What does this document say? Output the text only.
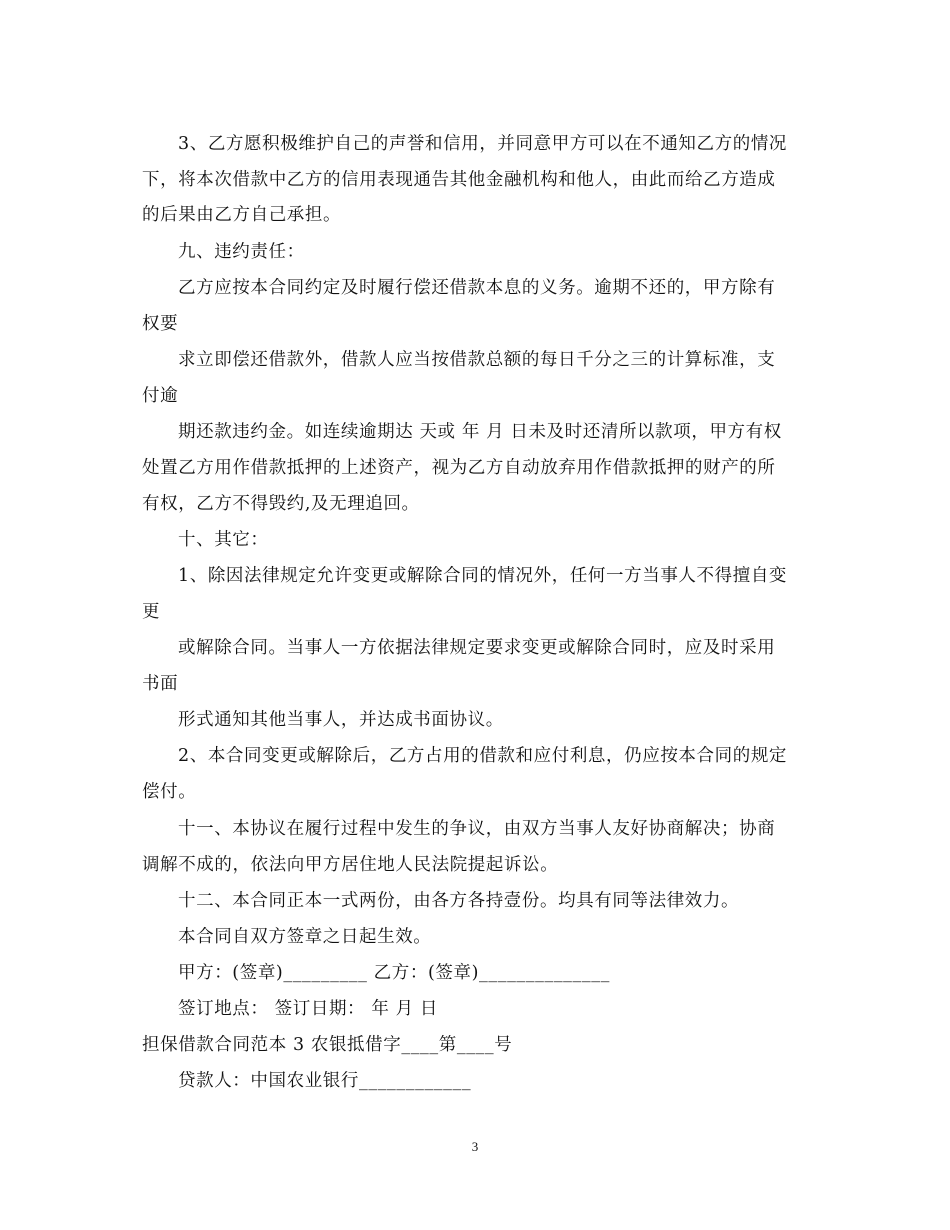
3、乙方愿积极维护自己的声誉和信用，并同意甲方可以在不通知乙方的情况
下，将本次借款中乙方的信用表现通告其他金融机构和他人，由此而给乙方造成
的后果由乙方自己承担。
九、违约责任：
乙方应按本合同约定及时履行偿还借款本息的义务。逾期不还的，甲方除有
权要
求立即偿还借款外，借款人应当按借款总额的每日千分之三的计算标准，支
付逾
期还款违约金。如连续逾期达 天或 年 月 日未及时还清所以款项，甲方有权
处置乙方用作借款抵押的上述资产，视为乙方自动放弃用作借款抵押的财产的所
有权，乙方不得毁约,及无理追回。
十、其它：
1、除因法律规定允许变更或解除合同的情况外，任何一方当事人不得擅自变
更
或解除合同。当事人一方依据法律规定要求变更或解除合同时，应及时采用
书面
形式通知其他当事人，并达成书面协议。
2、本合同变更或解除后，乙方占用的借款和应付利息，仍应按本合同的规定
偿付。
十一、本协议在履行过程中发生的争议，由双方当事人友好协商解决；协商
调解不成的，依法向甲方居住地人民法院提起诉讼。
十二、本合同正本一式两份，由各方各持壹份。均具有同等法律效力。
本合同自双方签章之日起生效。
甲方：(签章)_________ 乙方：(签章)______________
签订地点： 签订日期： 年 月 日
担保借款合同范本 3 农银抵借字____第____号
贷款人：中国农业银行____________
3
